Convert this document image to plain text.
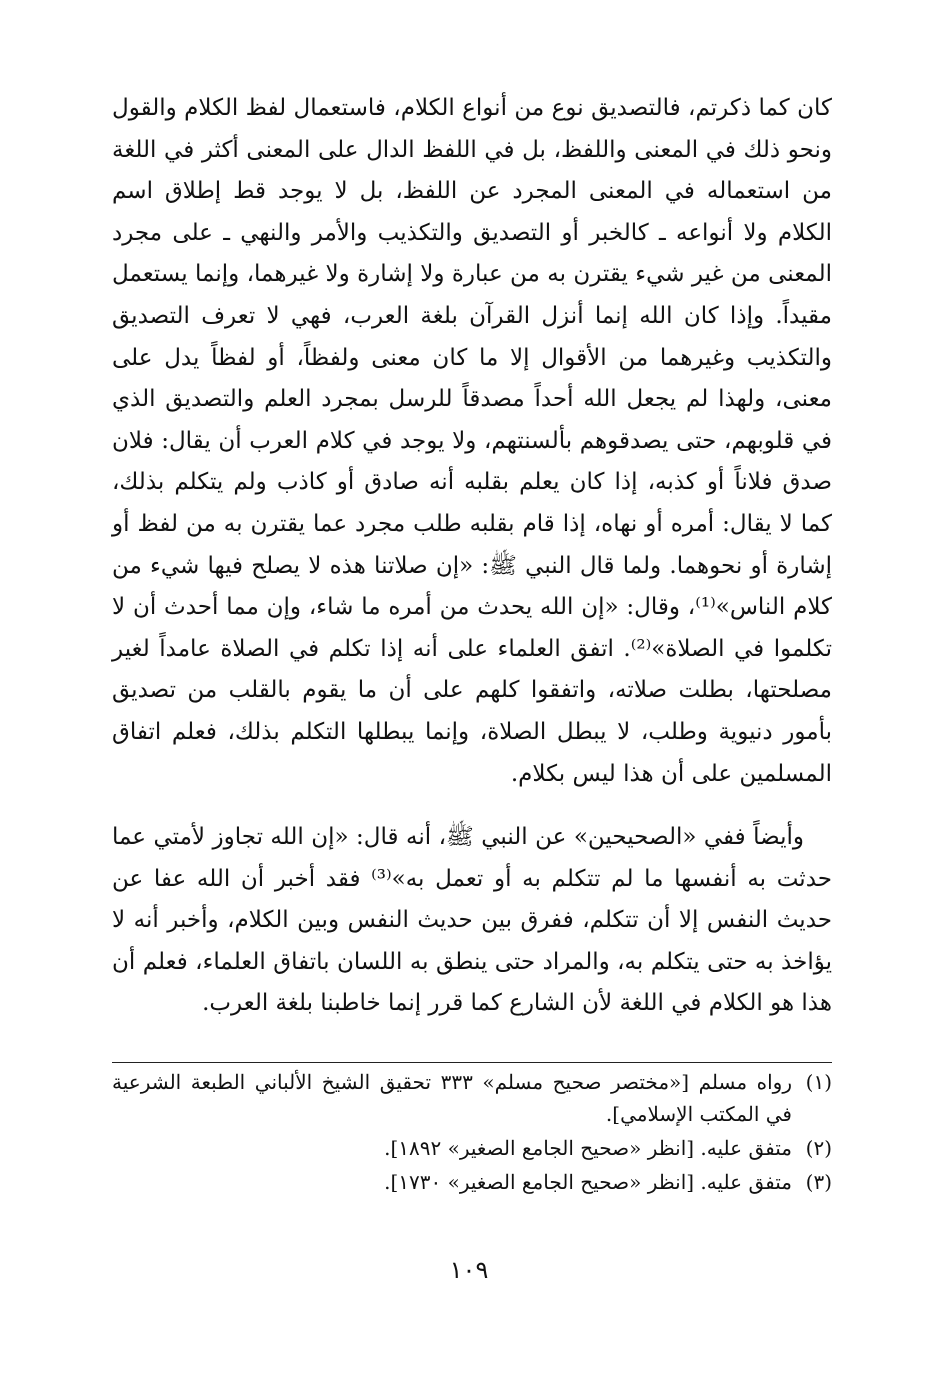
كان كما ذكرتم، فالتصديق نوع من أنواع الكلام، فاستعمال لفظ الكلام والقول ونحو ذلك في المعنى واللفظ، بل في اللفظ الدال على المعنى أكثر في اللغة من استعماله في المعنى المجرد عن اللفظ، بل لا يوجد قط إطلاق اسم الكلام ولا أنواعه ـ كالخبر أو التصديق والتكذيب والأمر والنهي ـ على مجرد المعنى من غير شيء يقترن به من عبارة ولا إشارة ولا غيرهما، وإنما يستعمل مقيداً. وإذا كان الله إنما أنزل القرآن بلغة العرب، فهي لا تعرف التصديق والتكذيب وغيرهما من الأقوال إلا ما كان معنى ولفظاً، أو لفظاً يدل على معنى، ولهذا لم يجعل الله أحداً مصدقاً للرسل بمجرد العلم والتصديق الذي في قلوبهم، حتى يصدقوهم بألسنتهم، ولا يوجد في كلام العرب أن يقال: فلان صدق فلاناً أو كذبه، إذا كان يعلم بقلبه أنه صادق أو كاذب ولم يتكلم بذلك، كما لا يقال: أمره أو نهاه، إذا قام بقلبه طلب مجرد عما يقترن به من لفظ أو إشارة أو نحوهما. ولما قال النبي ﷺ: «إن صلاتنا هذه لا يصلح فيها شيء من كلام الناس»⁽¹⁾، وقال: «إن الله يحدث من أمره ما شاء، وإن مما أحدث أن لا تكلموا في الصلاة»⁽²⁾. اتفق العلماء على أنه إذا تكلم في الصلاة عامداً لغير مصلحتها، بطلت صلاته، واتفقوا كلهم على أن ما يقوم بالقلب من تصديق بأمور دنيوية وطلب، لا يبطل الصلاة، وإنما يبطلها التكلم بذلك، فعلم اتفاق المسلمين على أن هذا ليس بكلام.

وأيضاً ففي «الصحيحين» عن النبي ﷺ، أنه قال: «إن الله تجاوز لأمتي عما حدثت به أنفسها ما لم تتكلم به أو تعمل به»⁽³⁾ فقد أخبر أن الله عفا عن حديث النفس إلا أن تتكلم، ففرق بين حديث النفس وبين الكلام، وأخبر أنه لا يؤاخذ به حتى يتكلم به، والمراد حتى ينطق به اللسان باتفاق العلماء، فعلم أن هذا هو الكلام في اللغة لأن الشارع كما قرر إنما خاطبنا بلغة العرب.

(١)
رواه مسلم [«مختصر صحيح مسلم» ٣٣٣ تحقيق الشيخ الألباني الطبعة الشرعية في المكتب الإسلامي].
(٢)
متفق عليه. [انظر «صحيح الجامع الصغير» ١٨٩٢].
(٣)
متفق عليه. [انظر «صحيح الجامع الصغير» ١٧٣٠].
١٠٩
